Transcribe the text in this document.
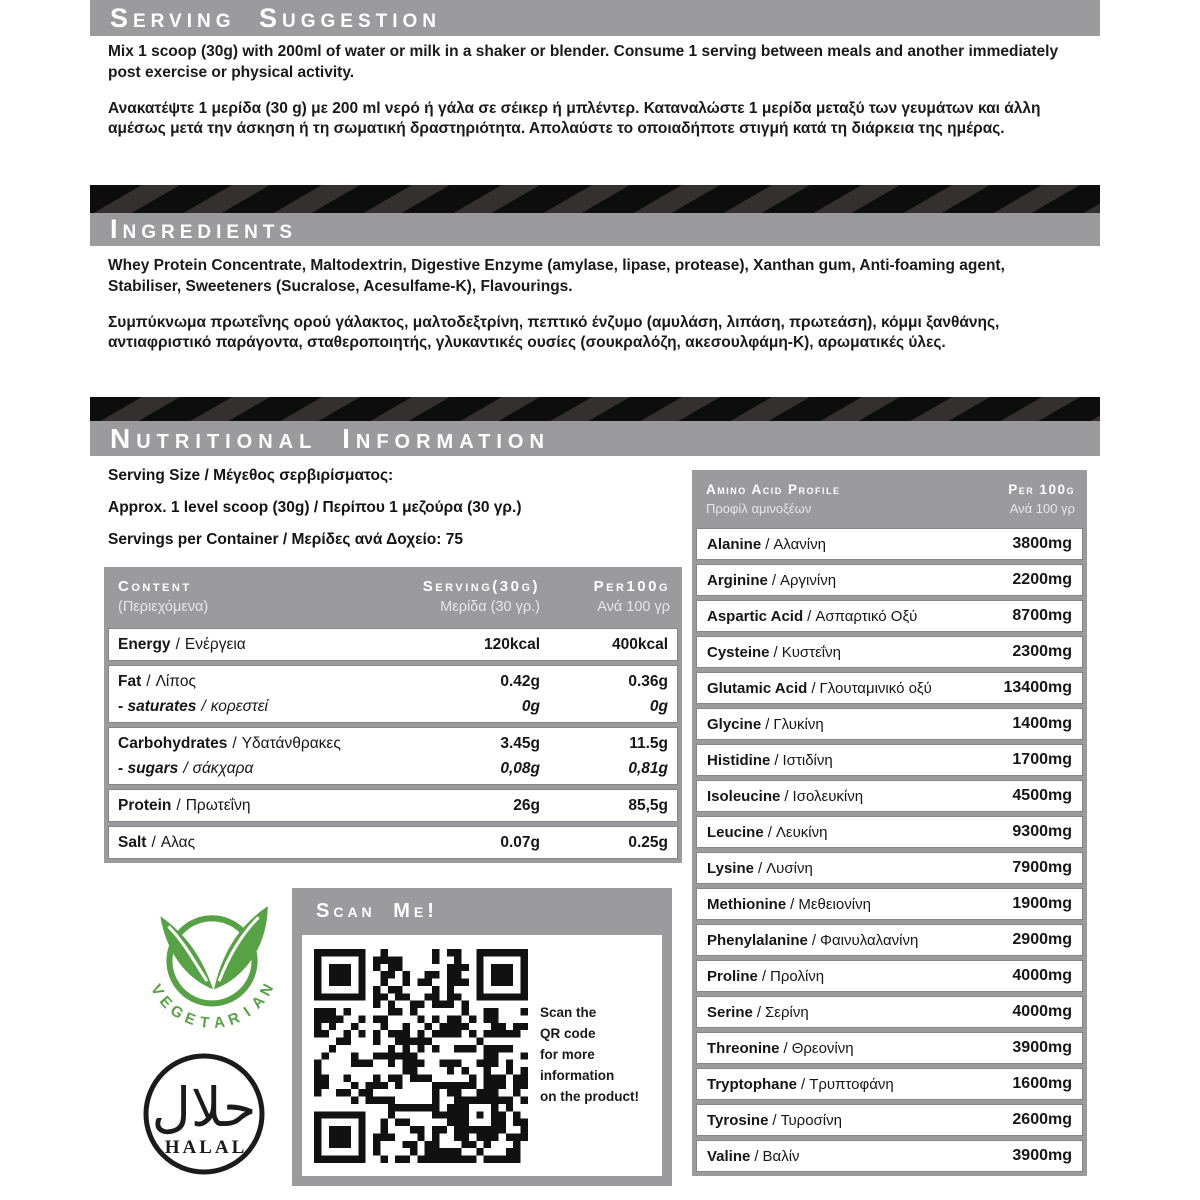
Serving Suggestion

Mix 1 scoop (30g) with 200ml of water or milk in a shaker or blender. Consume 1 serving between meals and another immediately post exercise or physical activity.

Ανακατέψτε 1 μερίδα (30 g) με 200 ml νερό ή γάλα σε σέικερ ή μπλέντερ. Καταναλώστε 1 μερίδα μεταξύ των γευμάτων και άλλη αμέσως μετά την άσκηση ή τη σωματική δραστηριότητα. Απολαύστε το οποιαδήποτε στιγμή κατά τη διάρκεια της ημέρας.

Ingredients

Whey Protein Concentrate, Maltodextrin, Digestive Enzyme (amylase, lipase, protease), Xanthan gum, Anti-foaming agent, Stabiliser, Sweeteners (Sucralose, Acesulfame-K), Flavourings.

Συμπύκνωμα πρωτεΐνης ορού γάλακτος, μαλτοδεξτρίνη, πεπτικό ένζυμο (αμυλάση, λιπάση, πρωτεάση), κόμμι ξανθάνης, αντιαφριστικό παράγοντα, σταθεροποιητής, γλυκαντικές ουσίες (σουκραλόζη, ακεσουλφάμη-Κ), αρωματικές ύλες.

Nutritional Information
Serving Size / Μέγεθος σερβιρίσματος:
Approx. 1 level scoop (30g) / Περίπου 1 μεζούρα (30 γρ.)
Servings per Container / Μερίδες ανά Δοχείο: 75
Content
(Περιεχόμενα)
Serving(30g)
Μερίδα (30 γρ.)
Per100g
Ανά 100 γρ
Energy / Ενέργεια	120kcal	400kcal
Fat / Λίπος	0.42g	0.36g
- saturates / κορεστεί	0g	0g
Carbohydrates / Υδατάνθρακες	3.45g	11.5g
- sugars / σάκχαρα	0,08g	0,81g
Protein / Πρωτεΐνη	26g	85,5g
Salt / Αλας	0.07g	0.25g
Amino Acid Profile
Προφίλ αμινοξέων
Per 100g
Ανά 100 γρ
Alanine / Αλανίνη	3800mg
Arginine / Αργινίνη	2200mg
Aspartic Acid / Ασπαρτικό Οξύ	8700mg
Cysteine / Κυστεΐνη	2300mg
Glutamic Acid / Γλουταμινικό οξύ	13400mg
Glycine / Γλυκίνη	1400mg
Histidine / Ιστιδίνη	1700mg
Isoleucine / Ισολευκίνη	4500mg
Leucine / Λευκίνη	9300mg
Lysine / Λυσίνη	7900mg
Methionine / Μεθειονίνη	1900mg
Phenylalanine / Φαινυλαλανίνη	2900mg
Proline / Προλίνη	4000mg
Serine / Σερίνη	4000mg
Threonine / Θρεονίνη	3900mg
Tryptophane / Τρυπτοφάνη	1600mg
Tyrosine / Τυροσίνη	2600mg
Valine / Βαλίν	3900mg
V
E
G
E T A R
I
A
N
حلال
HALAL
Scan Me!
Scan the
QR code
for more
information
on the product!
